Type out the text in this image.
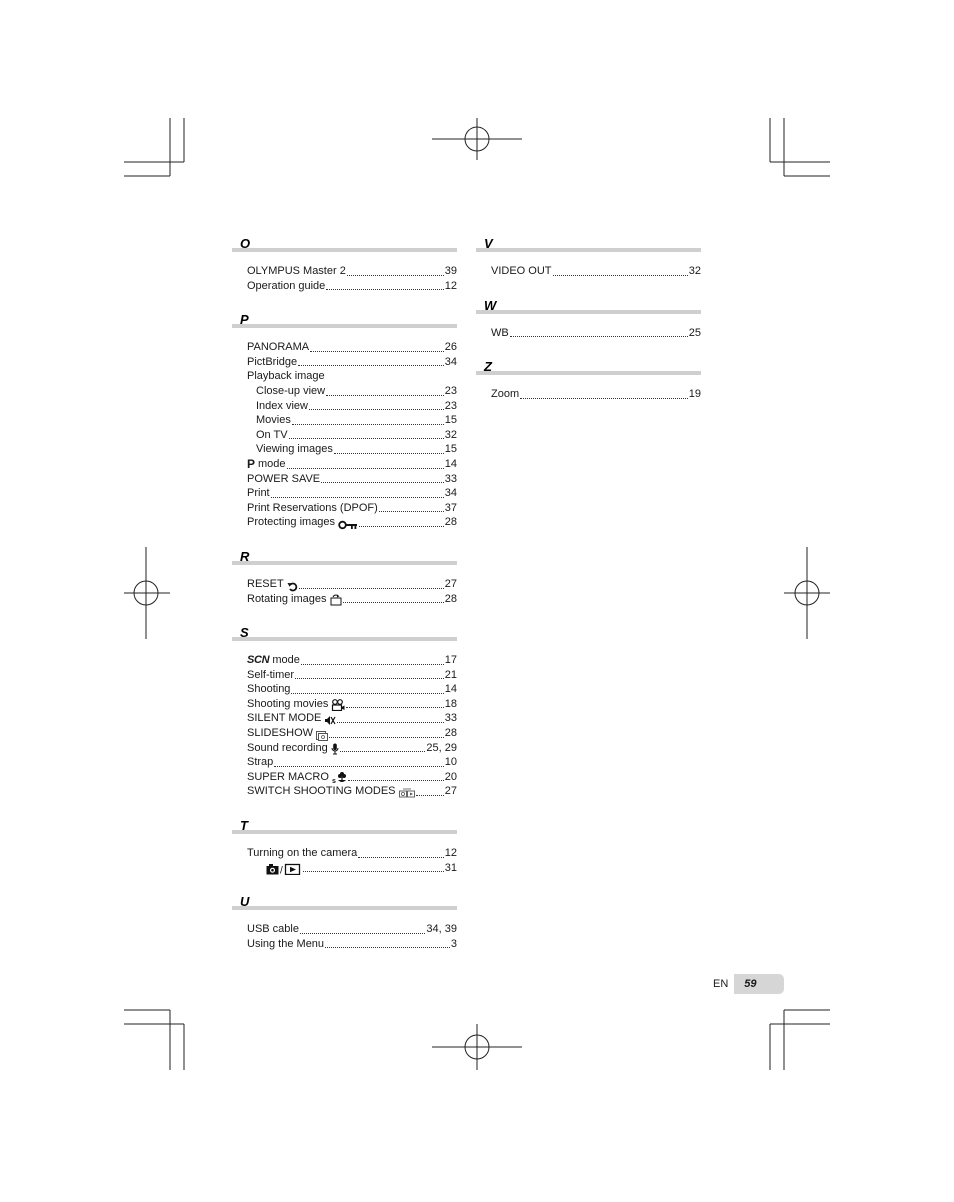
O
OLYMPUS Master 2	39
Operation guide	12
P
PANORAMA	26
PictBridge	34
Playback image
Close-up view	23
Index view	23
Movies	15
On TV	32
Viewing images	15
P mode	14
POWER SAVE	33
Print	34
Print Reservations (DPOF)	37
Protecting images	28
R
RESET	27
Rotating images	28
S
SCN mode	17
Self-timer	21
Shooting	14
Shooting movies	18
SILENT MODE	33
SLIDESHOW	28
Sound recording	25, 29
Strap	10
SUPER MACRO s	20
SWITCH SHOOTING MODES	27
T
Turning on the camera	12
/	31
U
USB cable	34, 39
Using the Menu	3
V
VIDEO OUT	32
W
WB	25
Z
Zoom	19
EN	59
